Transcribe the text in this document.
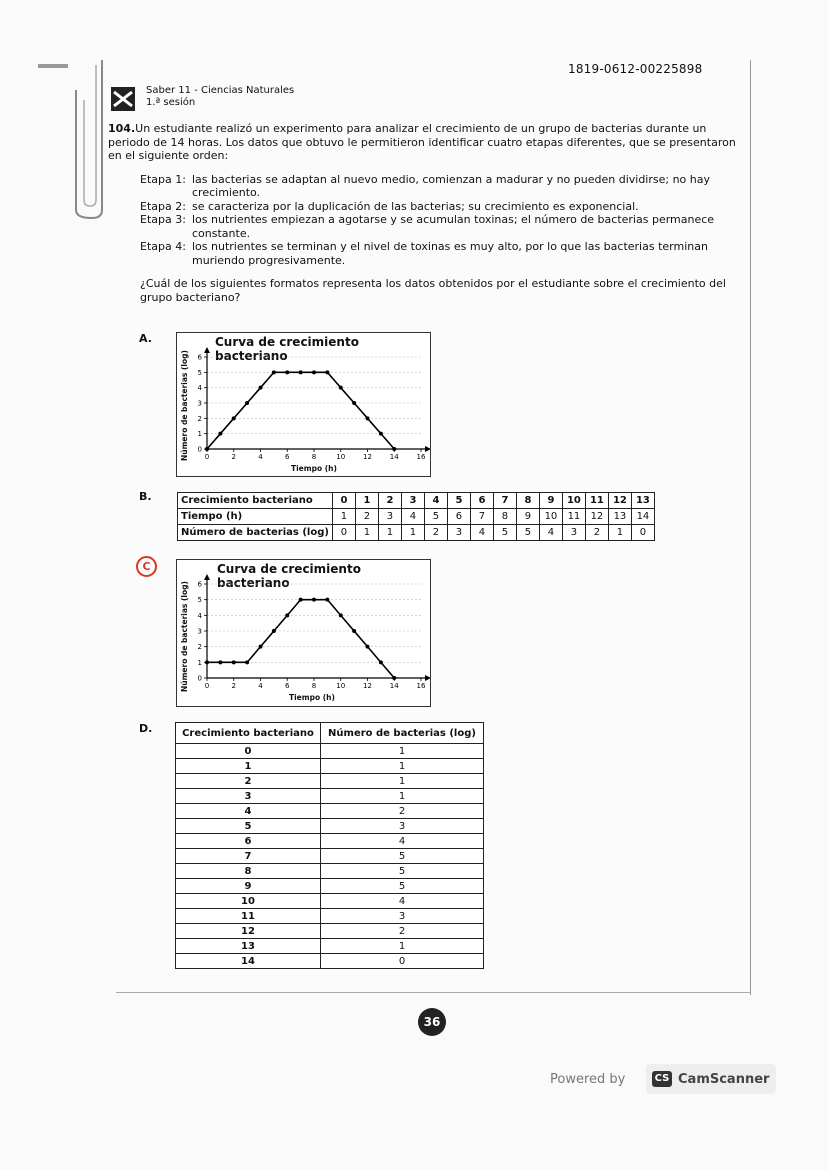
1819-0612-00225898
Saber 11 - Ciencias Naturales
1.ª sesión
104.Un estudiante realizó un experimento para analizar el crecimiento de un grupo de bacterias durante un periodo de 14 horas. Los datos que obtuvo le permitieron identificar cuatro etapas diferentes, que se presentaron en el siguiente orden:
Etapa 1: las bacterias se adaptan al nuevo medio, comienzan a madurar y no pueden dividirse; no hay crecimiento.
Etapa 2: se caracteriza por la duplicación de las bacterias; su crecimiento es exponencial.
Etapa 3: los nutrientes empiezan a agotarse y se acumulan toxinas; el número de bacterias permanece constante.
Etapa 4: los nutrientes se terminan y el nivel de toxinas es muy alto, por lo que las bacterias terminan muriendo progresivamente.
¿Cuál de los siguientes formatos representa los datos obtenidos por el estudiante sobre el crecimiento del grupo bacteriano?
A.	Curva de crecimiento bacteriano
Número de bacterias (log)
Tiempo (h)
0	2	4	6	8	10	12	14	16
0
1
2
3
4
5
6
B.	Crecimiento bacteriano	0	1	2	3	4	5	6	7	8	9	10	11	12	13
Tiempo (h)	1	2	3	4	5	6	7	8	9	10	11	12	13	14
Número de bacterias (log)	0	1	1	1	2	3	4	5	5	4	3	2	1	0
C	Curva de crecimiento bacteriano
Número de bacterias (log)
Tiempo (h)
0	2	4	6	8	10	12	14	16
0
1
2
3
4
5
6
D.	Crecimiento bacteriano	Número de bacterias (log)
0	1
1	1
2	1
3	1
4	2
5	3
6	4
7	5
8	5
9	5
10	4
11	3
12	2
13	1
14	0
36
Powered by	CS CamScanner
